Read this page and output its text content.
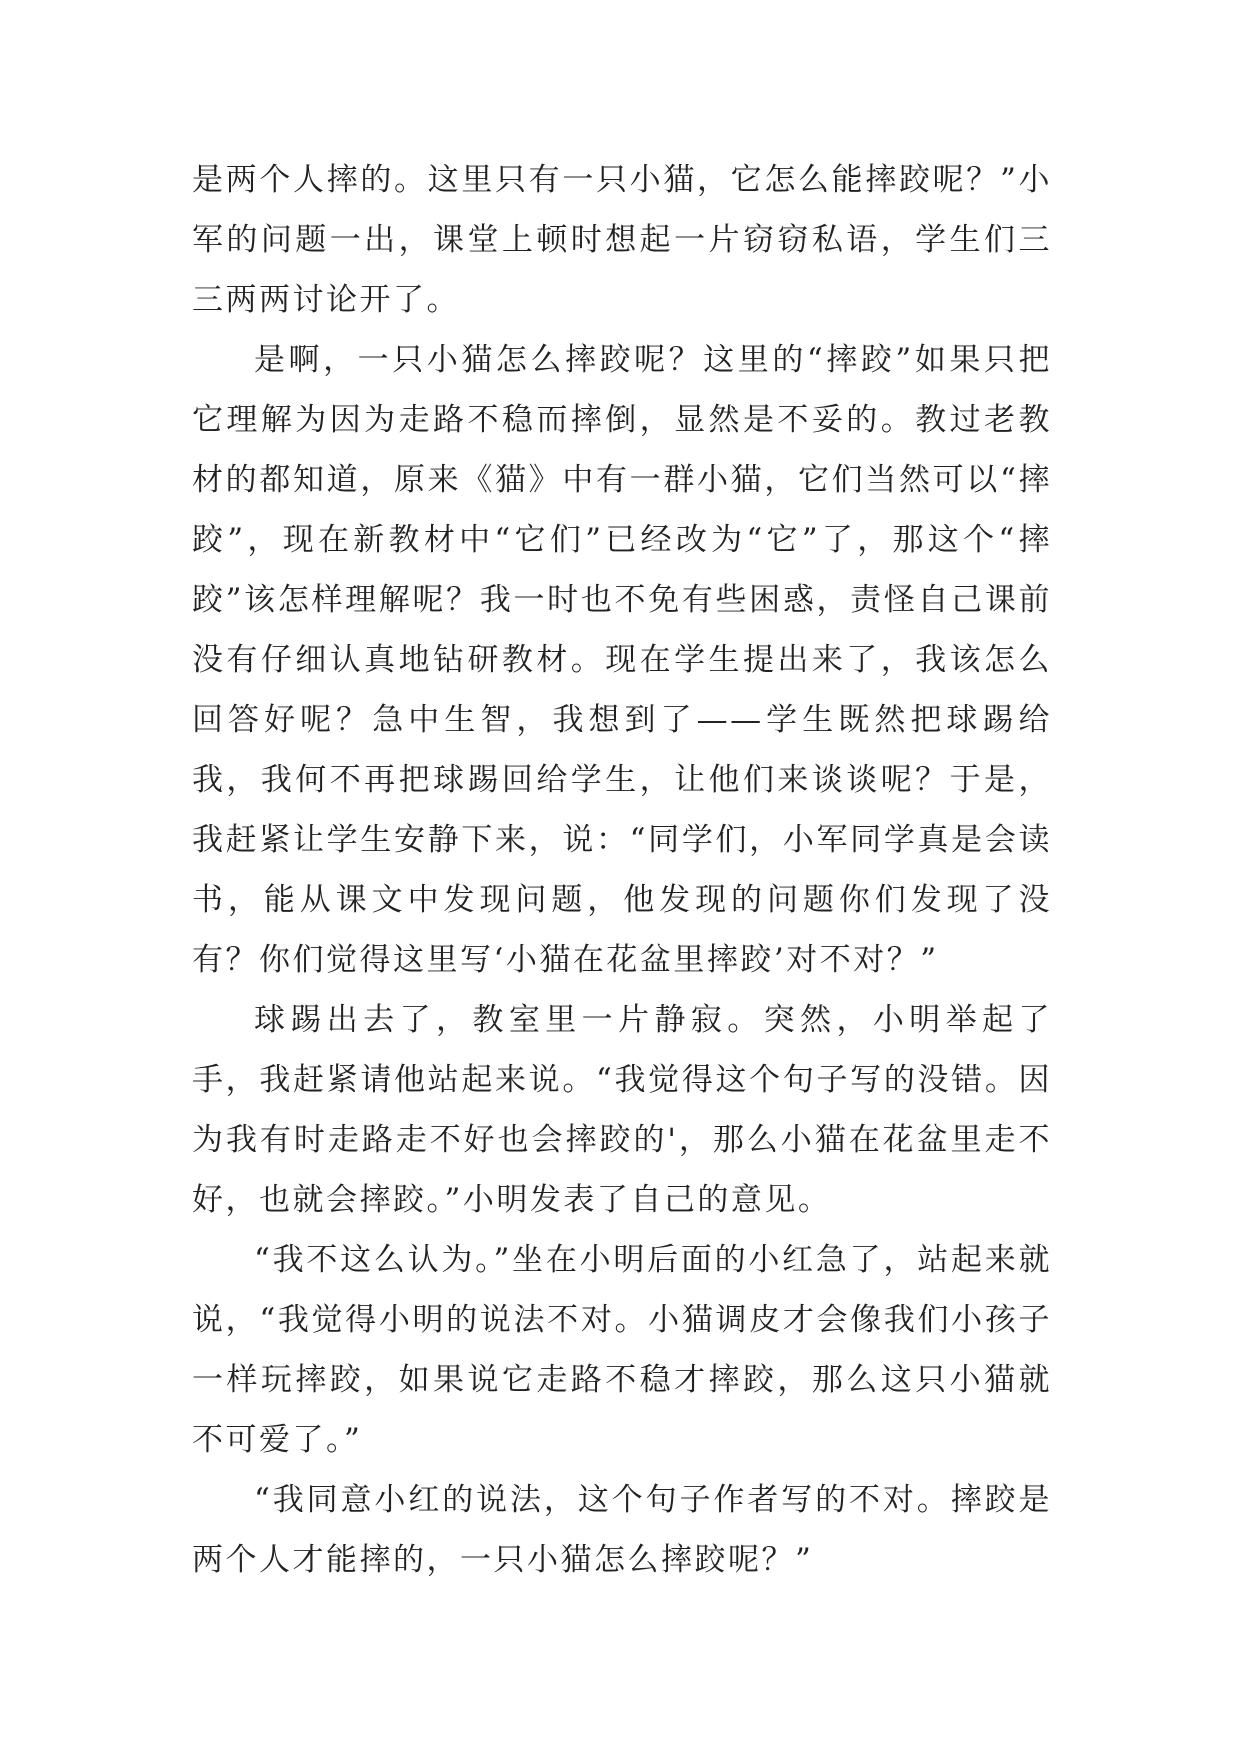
是两个人摔的。这里只有一只小猫，它怎么能摔跤呢？”小军的问题一出，课堂上顿时想起一片窃窃私语，学生们三三两两讨论开了。

是啊，一只小猫怎么摔跤呢？这里的“摔跤”如果只把它理解为因为走路不稳而摔倒，显然是不妥的。教过老教材的都知道，原来《猫》中有一群小猫，它们当然可以“摔跤”，现在新教材中“它们”已经改为“它”了，那这个“摔跤”该怎样理解呢？我一时也不免有些困惑，责怪自己课前没有仔细认真地钻研教材。现在学生提出来了，我该怎么回答好呢？急中生智，我想到了——学生既然把球踢给我，我何不再把球踢回给学生，让他们来谈谈呢？于是，我赶紧让学生安静下来，说：“同学们，小军同学真是会读书，能从课文中发现问题，他发现的问题你们发现了没有？你们觉得这里写‘小猫在花盆里摔跤’对不对？”

球踢出去了，教室里一片静寂。突然，小明举起了手，我赶紧请他站起来说。“我觉得这个句子写的没错。因为我有时走路走不好也会摔跤的'，那么小猫在花盆里走不好，也就会摔跤。”小明发表了自己的意见。

“我不这么认为。”坐在小明后面的小红急了，站起来就说，“我觉得小明的说法不对。小猫调皮才会像我们小孩子一样玩摔跤，如果说它走路不稳才摔跤，那么这只小猫就不可爱了。”

“我同意小红的说法，这个句子作者写的不对。摔跤是两个人才能摔的，一只小猫怎么摔跤呢？”
